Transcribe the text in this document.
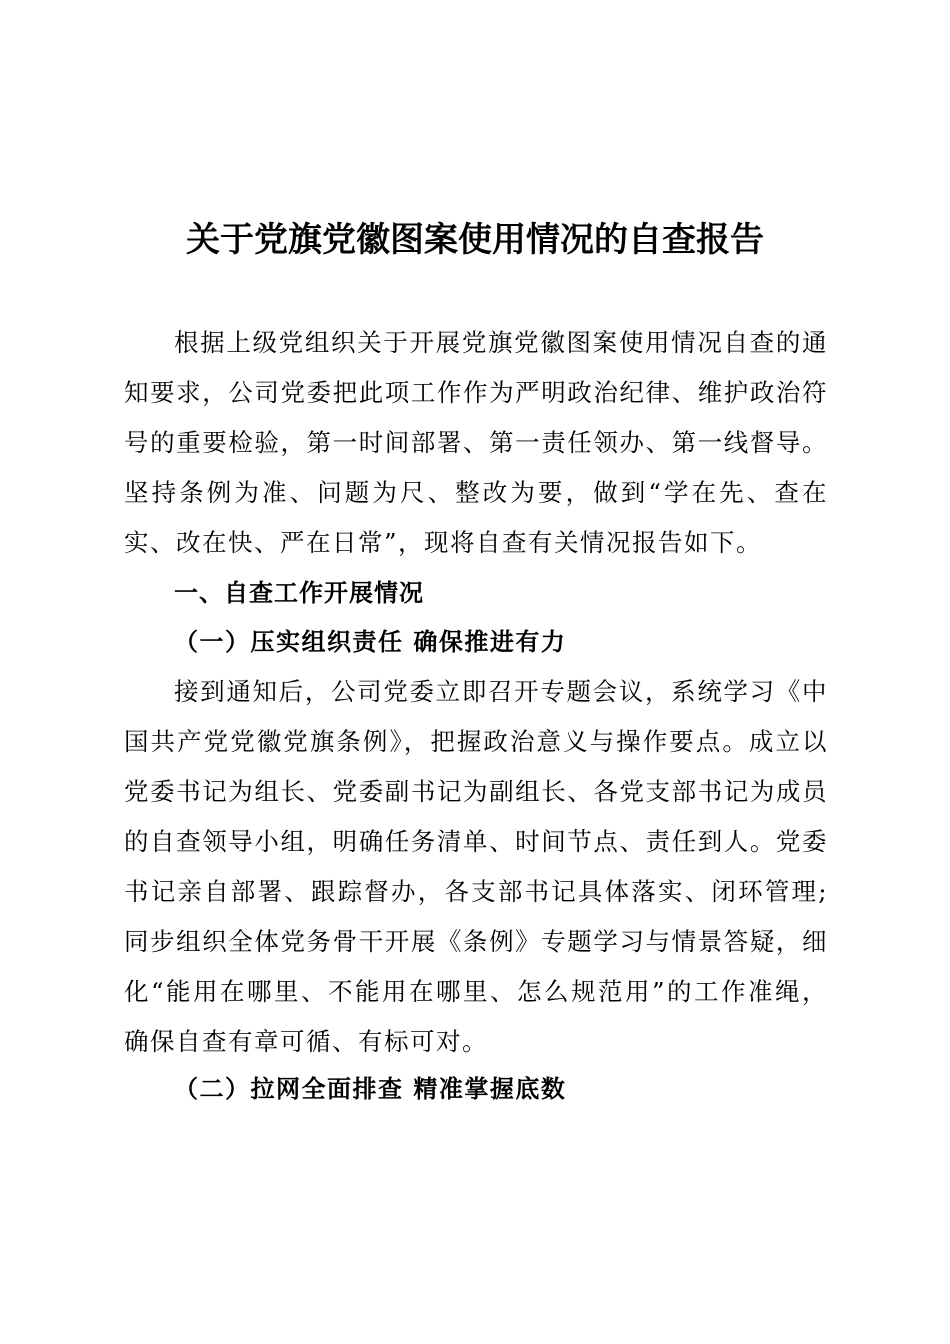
关于党旗党徽图案使用情况的自查报告

根据上级党组织关于开展党旗党徽图案使用情况自查的通知要求，公司党委把此项工作作为严明政治纪律、维护政治符号的重要检验，第一时间部署、第一责任领办、第一线督导。坚持条例为准、问题为尺、整改为要，做到“学在先、查在实、改在快、严在日常”，现将自查有关情况报告如下。

一、自查工作开展情况
（一）压实组织责任 确保推进有力

接到通知后，公司党委立即召开专题会议，系统学习《中国共产党党徽党旗条例》，把握政治意义与操作要点。成立以党委书记为组长、党委副书记为副组长、各党支部书记为成员的自查领导小组，明确任务清单、时间节点、责任到人。党委书记亲自部署、跟踪督办，各支部书记具体落实、闭环管理;同步组织全体党务骨干开展《条例》专题学习与情景答疑，细化“能用在哪里、不能用在哪里、怎么规范用”的工作准绳，确保自查有章可循、有标可对。

（二）拉网全面排查 精准掌握底数
